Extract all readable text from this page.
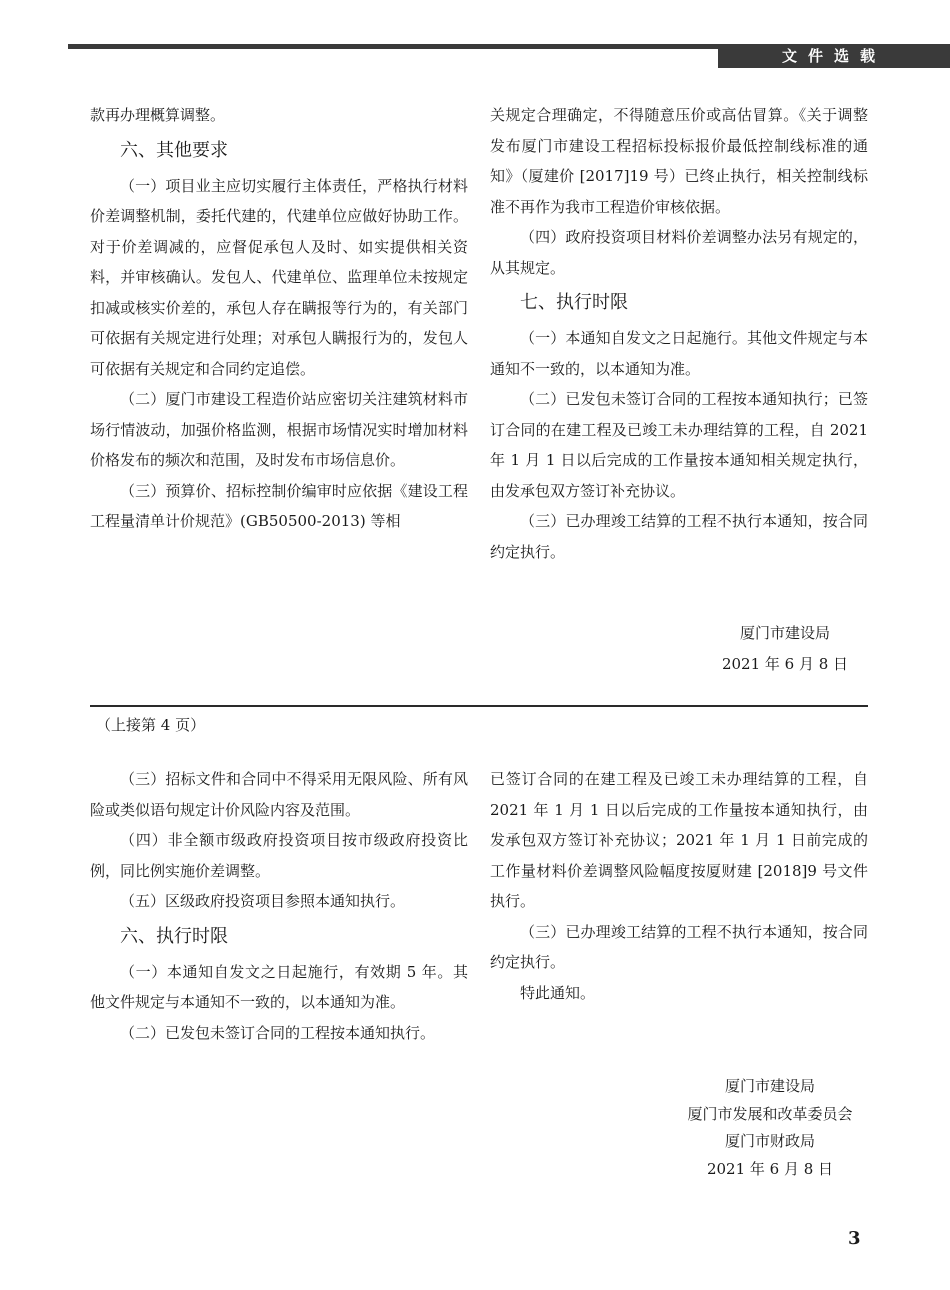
文件选载

款再办理概算调整。

六、其他要求

（一）项目业主应切实履行主体责任，严格执行材料价差调整机制，委托代建的，代建单位应做好协助工作。对于价差调减的，应督促承包人及时、如实提供相关资料，并审核确认。发包人、代建单位、监理单位未按规定扣减或核实价差的，承包人存在瞒报等行为的，有关部门可依据有关规定进行处理；对承包人瞒报行为的，发包人可依据有关规定和合同约定追偿。

（二）厦门市建设工程造价站应密切关注建筑材料市场行情波动，加强价格监测，根据市场情况实时增加材料价格发布的频次和范围，及时发布市场信息价。

（三）预算价、招标控制价编审时应依据《建设工程工程量清单计价规范》(GB50500-2013) 等相

关规定合理确定，不得随意压价或高估冒算。《关于调整发布厦门市建设工程招标投标报价最低控制线标准的通知》（厦建价 [2017]19 号）已终止执行，相关控制线标准不再作为我市工程造价审核依据。

（四）政府投资项目材料价差调整办法另有规定的，从其规定。

七、执行时限

（一）本通知自发文之日起施行。其他文件规定与本通知不一致的，以本通知为准。

（二）已发包未签订合同的工程按本通知执行；已签订合同的在建工程及已竣工未办理结算的工程，自 2021 年 1 月 1 日以后完成的工作量按本通知相关规定执行，由发承包双方签订补充协议。

（三）已办理竣工结算的工程不执行本通知，按合同约定执行。

厦门市建设局

2021 年 6 月 8 日

（上接第 4 页）

（三）招标文件和合同中不得采用无限风险、所有风险或类似语句规定计价风险内容及范围。

（四）非全额市级政府投资项目按市级政府投资比例，同比例实施价差调整。

（五）区级政府投资项目参照本通知执行。

六、执行时限

（一）本通知自发文之日起施行，有效期 5 年。其他文件规定与本通知不一致的，以本通知为准。

（二）已发包未签订合同的工程按本通知执行。

已签订合同的在建工程及已竣工未办理结算的工程，自 2021 年 1 月 1 日以后完成的工作量按本通知执行，由发承包双方签订补充协议；2021 年 1 月 1 日前完成的工作量材料价差调整风险幅度按厦财建 [2018]9 号文件执行。

（三）已办理竣工结算的工程不执行本通知，按合同约定执行。

特此通知。

厦门市建设局

厦门市发展和改革委员会

厦门市财政局

2021 年 6 月 8 日

3
